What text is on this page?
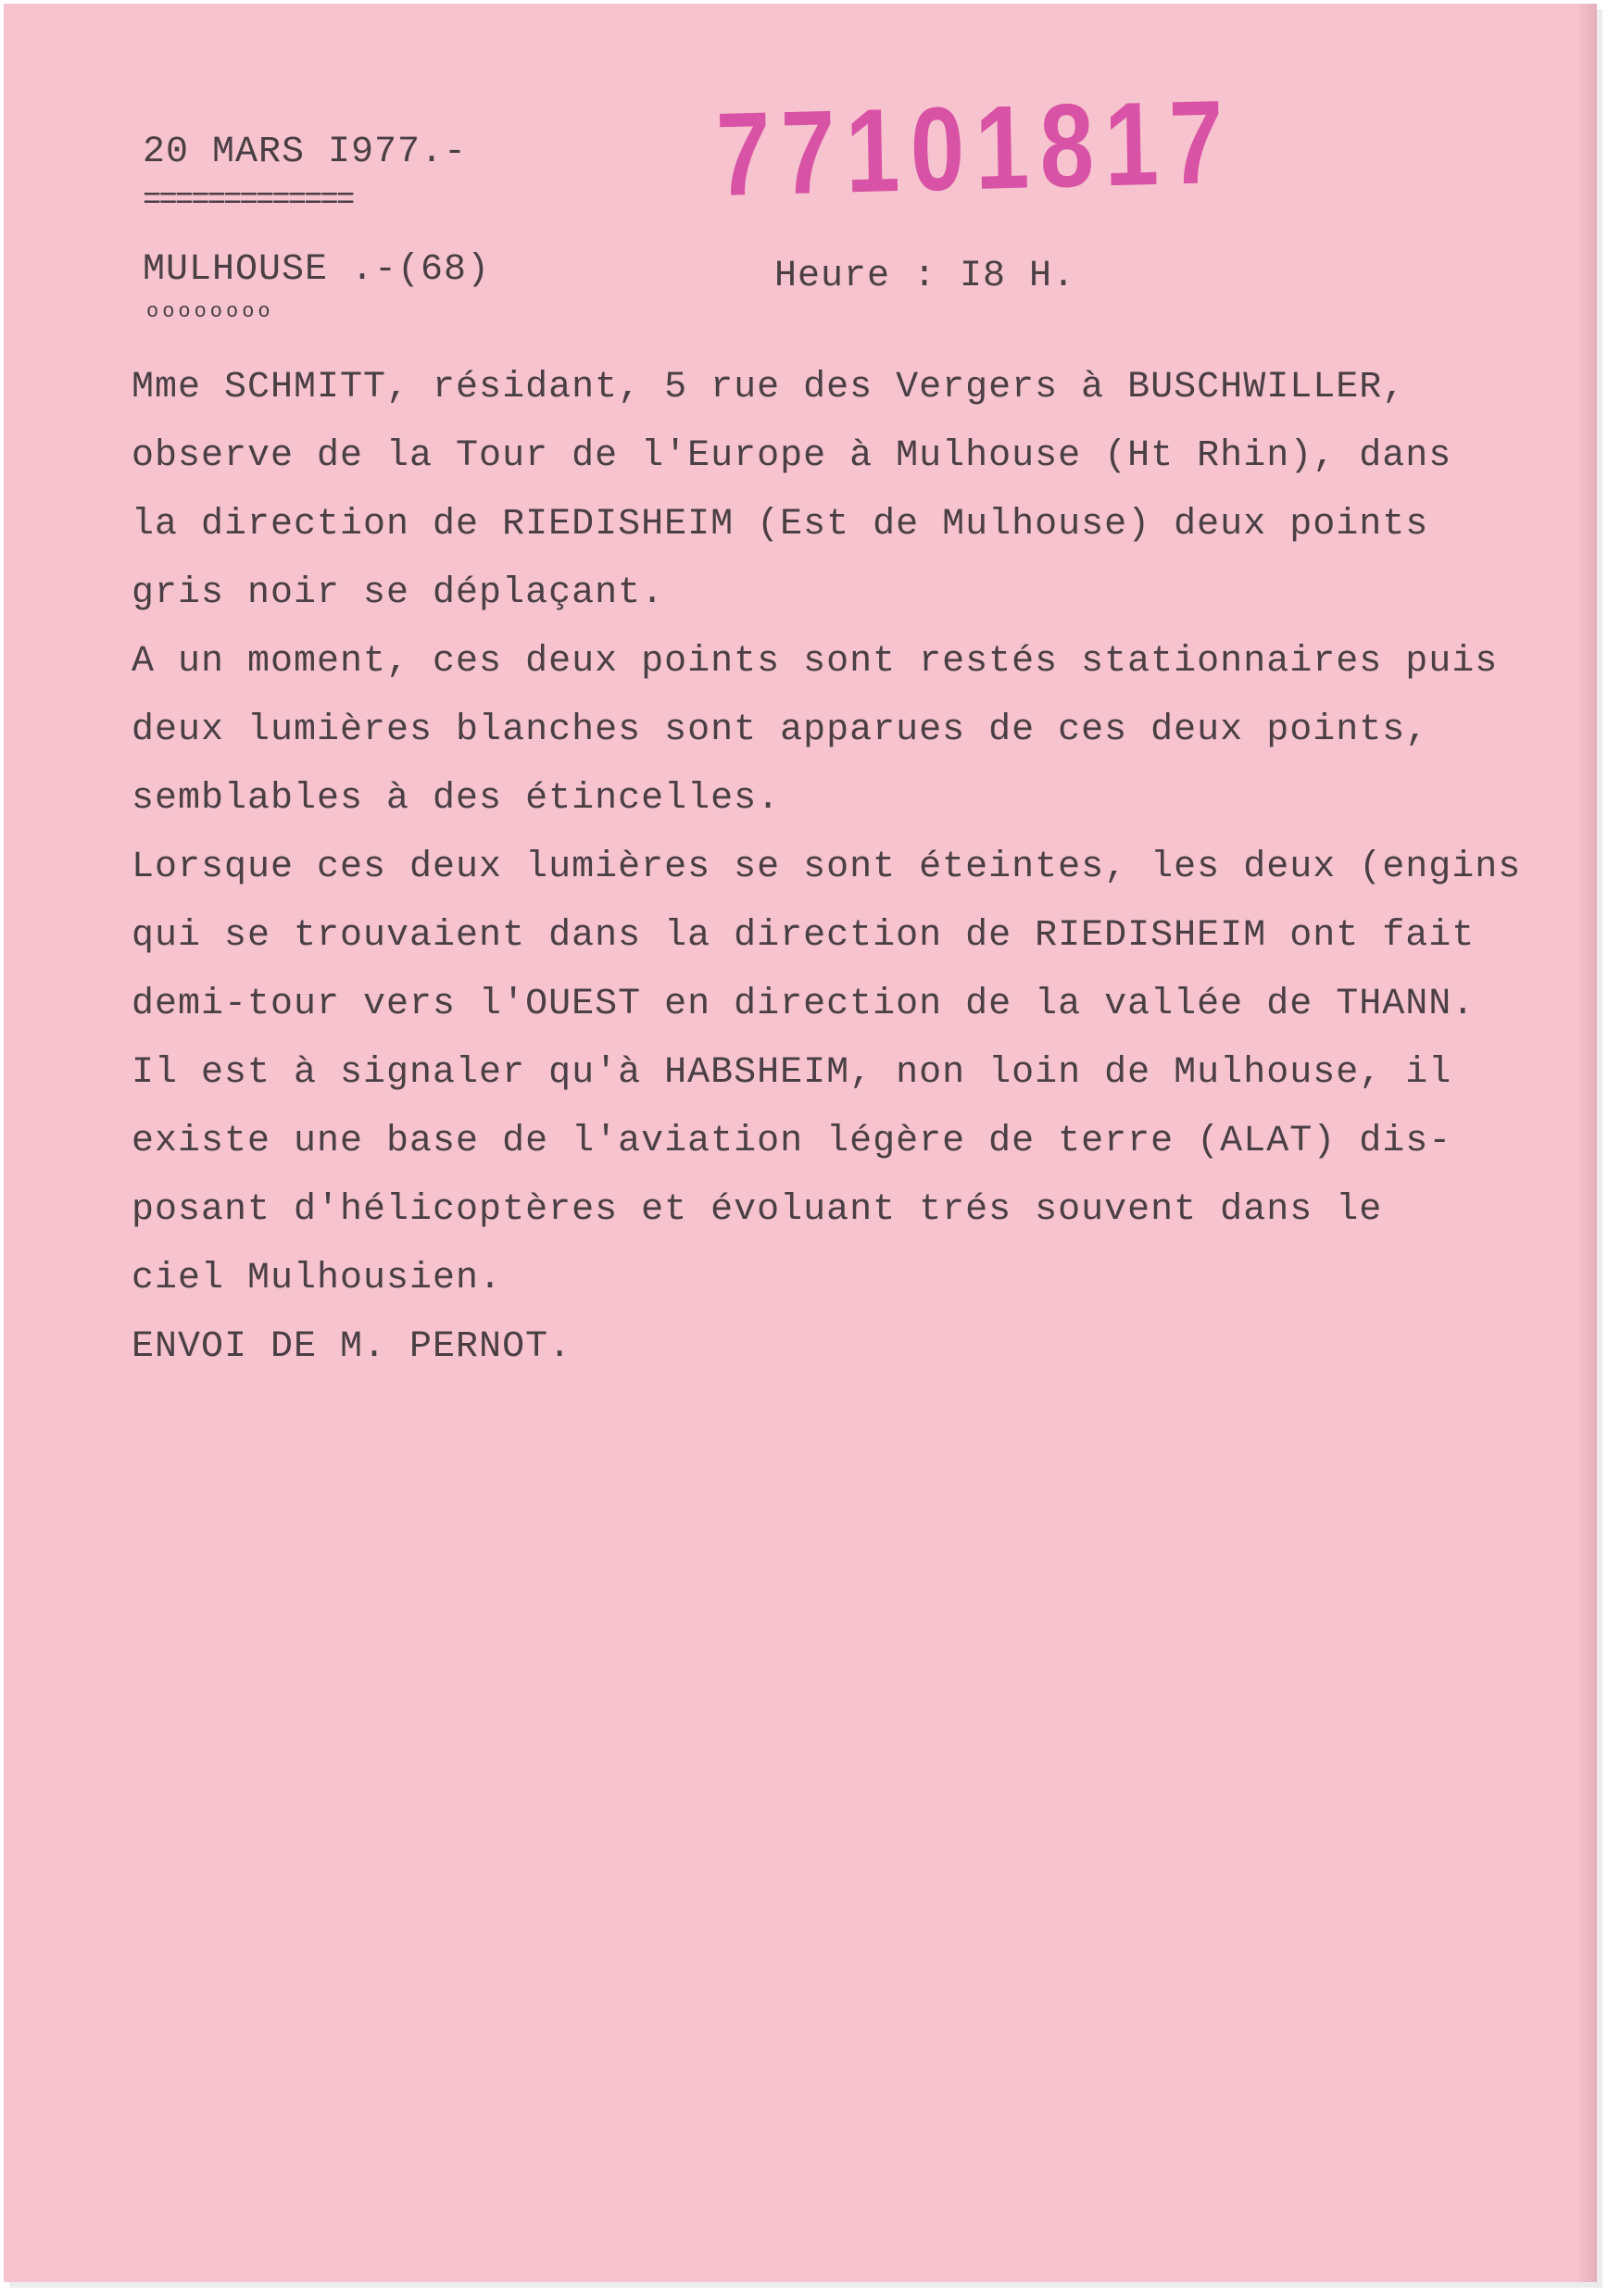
20 MARS I977.-
=============	77101817
MULHOUSE .-(68)
oooooooo
Heure : I8 H.
Mme SCHMITT, résidant, 5 rue des Vergers à BUSCHWILLER,
observe de la Tour de l'Europe à Mulhouse (Ht Rhin), dans
la direction de RIEDISHEIM (Est de Mulhouse) deux points
gris noir se déplaçant.
A un moment, ces deux points sont restés stationnaires puis
deux lumières blanches sont apparues de ces deux points,
semblables à des étincelles.
Lorsque ces deux lumières se sont éteintes, les deux (engins
qui se trouvaient dans la direction de RIEDISHEIM ont fait
demi-tour vers l'OUEST en direction de la vallée de THANN.
Il est à signaler qu'à HABSHEIM, non loin de Mulhouse, il
existe une base de l'aviation légère de terre (ALAT) dis-
posant d'hélicoptères et évoluant trés souvent dans le
ciel Mulhousien.
ENVOI DE M. PERNOT.
